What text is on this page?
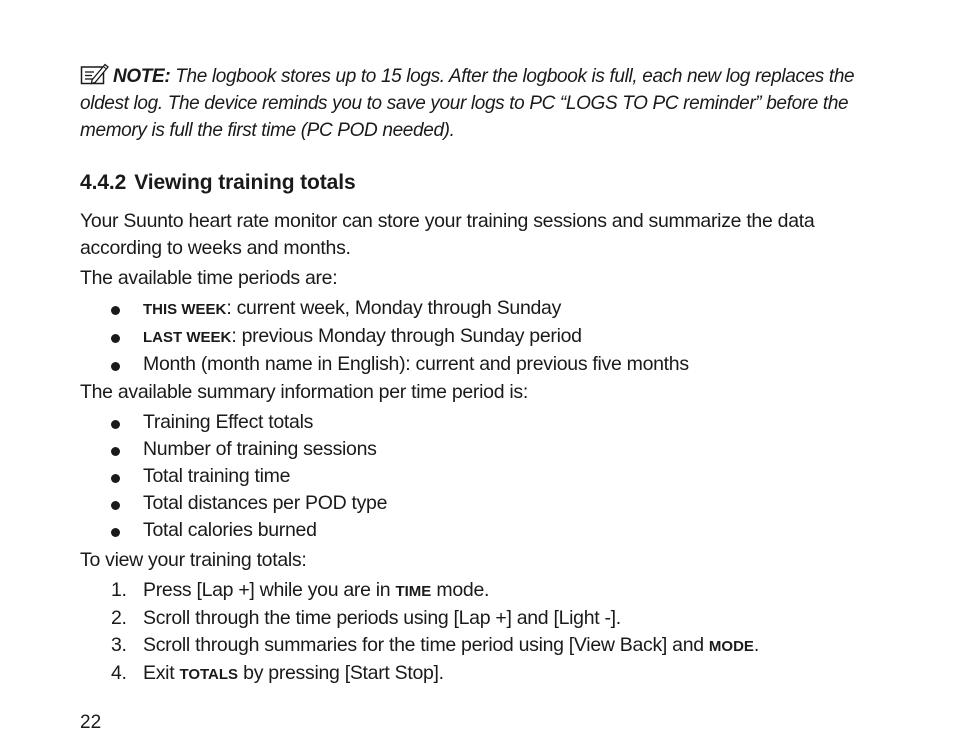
NOTE: The logbook stores up to 15 logs. After the logbook is full, each new log replaces the oldest log. The device reminds you to save your logs to PC “LOGS TO PC reminder” before the memory is full the first time (PC POD needed).
4.4.2 Viewing training totals

Your Suunto heart rate monitor can store your training sessions and summarize the data according to weeks and months.

The available time periods are:

THIS WEEK: current week, Monday through Sunday
LAST WEEK: previous Monday through Sunday period
Month (month name in English): current and previous five months

The available summary information per time period is:

Training Effect totals
Number of training sessions
Total training time
Total distances per POD type
Total calories burned

To view your training totals:

1. Press [Lap +] while you are in TIME mode.
2. Scroll through the time periods using [Lap +] and [Light -].
3. Scroll through summaries for the time period using [View Back] and MODE.
4. Exit TOTALS by pressing [Start Stop].
22
